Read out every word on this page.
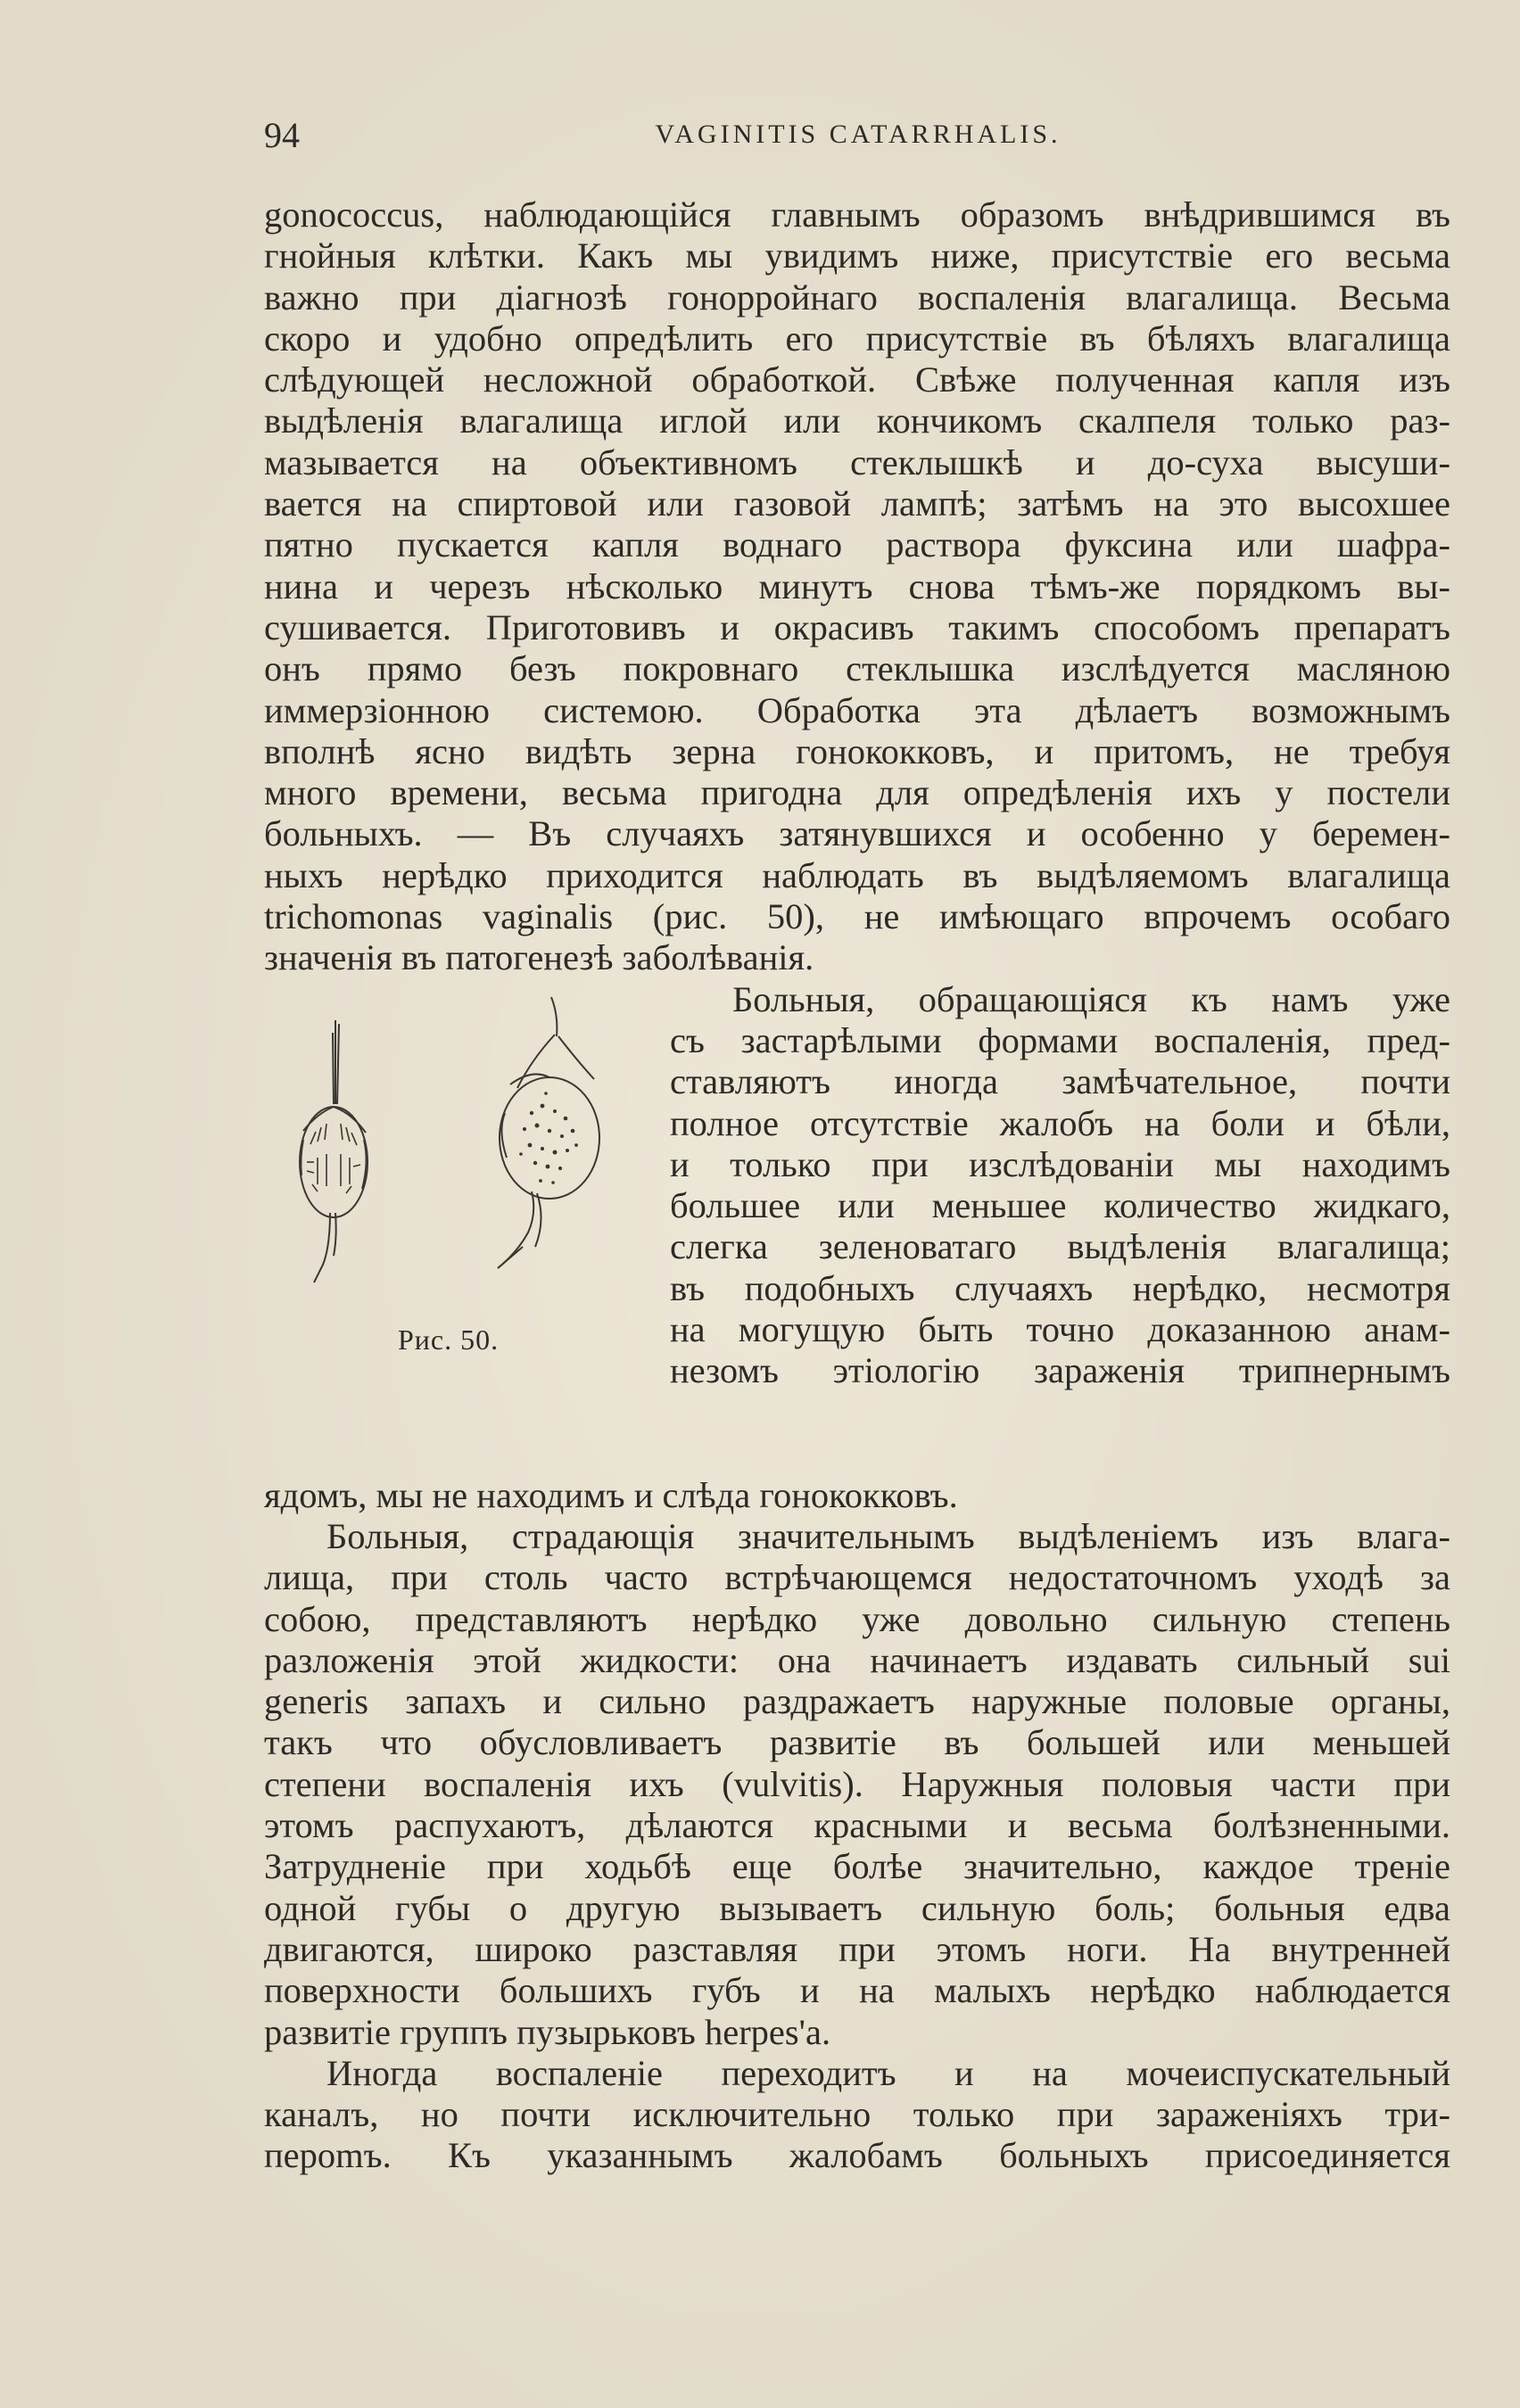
94	VAGINITIS CATARRHALIS.

gonococcus, наблюдающійся главнымъ образомъ внѣдрившимся въ

гнойныя клѣтки. Какъ мы увидимъ ниже, присутствіе его весьма

важно при діагнозѣ гонорройнаго воспаленія влагалища. Весьма

скоро и удобно опредѣлить его присутствіе въ бѣляхъ влагалища

слѣдующей несложной обработкой. Свѣже полученная капля изъ

выдѣленія влагалища иглой или кончикомъ скалпеля только раз-

мазывается на объективномъ стеклышкѣ и до-суха высуши-

вается на спиртовой или газовой лампѣ; затѣмъ на это высохшее

пятно пускается капля воднаго раствора фуксина или шафра-

нина и черезъ нѣсколько минутъ снова тѣмъ-же порядкомъ вы-

сушивается. Приготовивъ и окрасивъ такимъ способомъ препаратъ

онъ прямо безъ покровнаго стеклышка изслѣдуется масляною

иммерзіонною системою. Обработка эта дѣлаетъ возможнымъ

вполнѣ ясно видѣть зерна гонококковъ, и притомъ, не требуя

много времени, весьма пригодна для опредѣленія ихъ у постели

больныхъ. — Въ случаяхъ затянувшихся и особенно у беремен-

ныхъ нерѣдко приходится наблюдать въ выдѣляемомъ влагалища

trichomonas vaginalis (рис. 50), не имѣющаго впрочемъ особаго

значенія въ патогенезѣ заболѣванія.

Рис. 50.

Больныя, обращающіяся къ намъ уже

съ застарѣлыми формами воспаленія, пред-

ставляютъ иногда замѣчательное, почти

полное отсутствіе жалобъ на боли и бѣли,

и только при изслѣдованіи мы находимъ

большее или меньшее количество жидкаго,

слегка зеленоватаго выдѣленія влагалища;

въ подобныхъ случаяхъ нерѣдко, несмотря

на могущую быть точно доказанною анам-

незомъ этіологію зараженія трипнернымъ

ядомъ, мы не находимъ и слѣда гонококковъ.

Больныя, страдающія значительнымъ выдѣленіемъ изъ влага-

лища, при столь часто встрѣчающемся недостаточномъ уходѣ за

собою, представляютъ нерѣдко уже довольно сильную степень

разложенія этой жидкости: она начинаетъ издавать сильный sui

generis запахъ и сильно раздражаетъ наружные половые органы,

такъ что обусловливаетъ развитіе въ большей или меньшей

степени воспаленія ихъ (vulvitis). Наружныя половыя части при

этомъ распухаютъ, дѣлаются красными и весьма болѣзненными.

Затрудненіе при ходьбѣ еще болѣе значительно, каждое треніе

одной губы о другую вызываетъ сильную боль; больныя едва

двигаются, широко разставляя при этомъ ноги. На внутренней

поверхности большихъ губъ и на малыхъ нерѣдко наблюдается

развитіе группъ пузырьковъ herpes'a.

Иногда воспаленіе переходитъ и на мочеиспускательный

каналъ, но почти исключительно только при зараженіяхъ три-

пероmъ. Къ указаннымъ жалобамъ больныхъ присоединяется
